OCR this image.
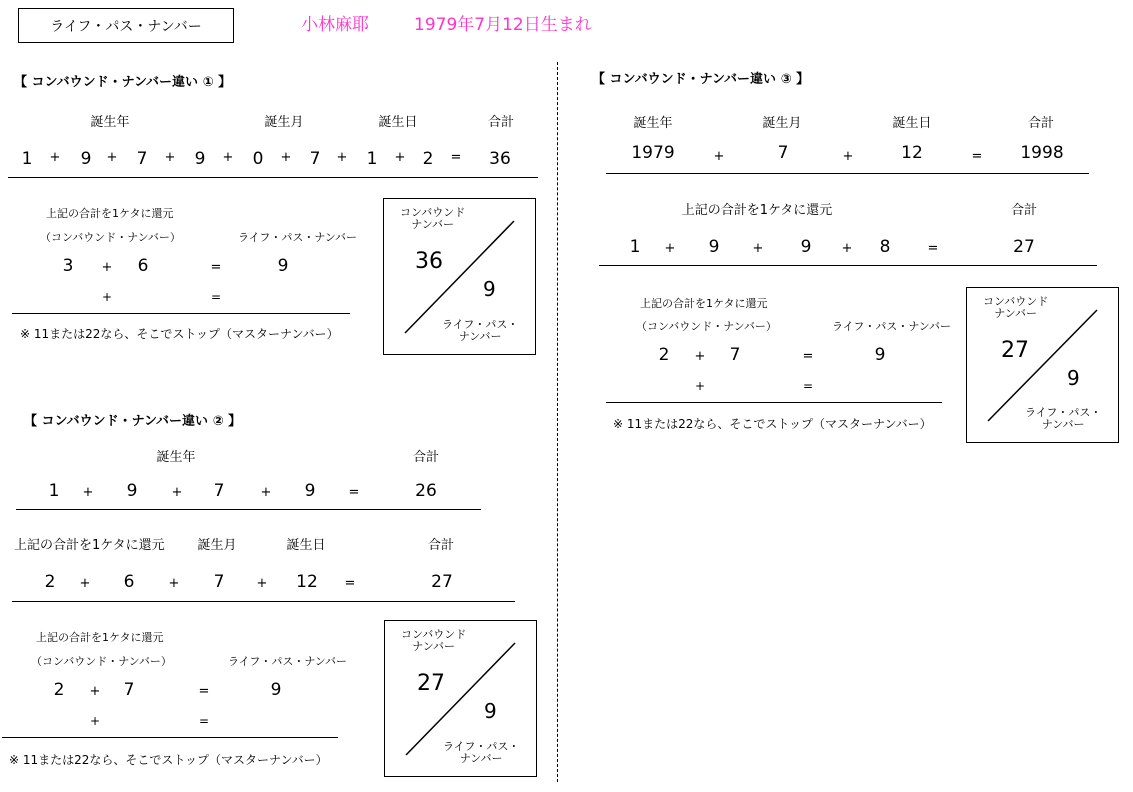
ライフ・パス・ナンバー	小林麻耶	1979年7月12日生まれ
【 コンバウンド・ナンバー違い ① 】
誕生年	誕生月	誕生日	合計
1 + 9 + 7 + 9 + 0 + 7 + 1 + 2 = 36
上記の合計を1ケタに還元
（コンバウンド・ナンバー）	ライフ・パス・ナンバー
3 + 6	=	9
+	=
※ 11または22なら、そこでストップ（マスターナンバー）
コンバウンド
ナンバー
36
9
ライフ・パス・
ナンバー
【 コンバウンド・ナンバー違い ② 】
誕生年	合計
1 + 9	+ 7	+ 9	=	26
上記の合計を1ケタに還元	誕生月	誕生日	合計
2 + 6	+ 7 + 12 =	27
上記の合計を1ケタに還元
（コンバウンド・ナンバー）	ライフ・パス・ナンバー
2 + 7	=	9
+	=
※ 11または22なら、そこでストップ（マスターナンバー）
コンバウンド
ナンバー
27
9
ライフ・パス・
ナンバー
【 コンバウンド・ナンバー違い ③ 】
誕生年	誕生月	誕生日	合計
1979	+	7	+	12	= 1998
上記の合計を1ケタに還元	合計
1 + 9	+ 9 + 8	=	27
上記の合計を1ケタに還元
（コンバウンド・ナンバー）	ライフ・パス・ナンバー
2 + 7	=	9
+	=
※ 11または22なら、そこでストップ（マスターナンバー）
コンバウンド
ナンバー
27
9
ライフ・パス・
ナンバー
